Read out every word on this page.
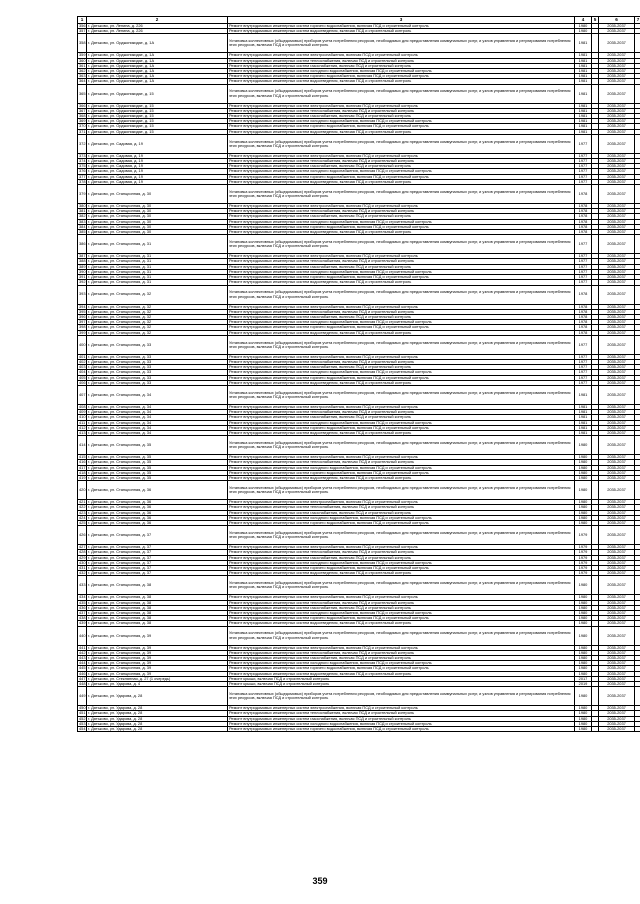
1	2	3	4	5	6	7
356	г. Дятьково, ул. Ленина, д. 226	Ремонт внутридомовых инженерных систем горячего водоснабжения, включая ПСД и строительный контроль	1980		2035-2037	
357	г. Дятьково, ул. Ленина, д. 226	Ремонт внутридомовых инженерных систем водоотведения, включая ПСД и строительный контроль	1980		2035-2037	
358	г. Дятьково, ул. Орджоникидзе, д. 1А	Установка коллективных (общедомовых) приборов учета потребления ресурсов, необходимых для предоставления коммунальных услуг, и узлов управления и регулирования потребления этих ресурсов, включая ПСД и строительный контроль	1981		2035-2037	
359	г. Дятьково, ул. Орджоникидзе, д. 1А	Ремонт внутридомовых инженерных систем электроснабжения, включая ПСД и строительный контроль	1981		2035-2037	
360	г. Дятьково, ул. Орджоникидзе, д. 1А	Ремонт внутридомовых инженерных систем теплоснабжения, включая ПСД и строительный контроль	1981		2035-2037	
361	г. Дятьково, ул. Орджоникидзе, д. 1А	Ремонт внутридомовых инженерных систем газоснабжения, включая ПСД и строительный контроль	1981		2035-2037	
362	г. Дятьково, ул. Орджоникидзе, д. 1А	Ремонт внутридомовых инженерных систем холодного водоснабжения, включая ПСД и строительный контроль	1981		2035-2037	
363	г. Дятьково, ул. Орджоникидзе, д. 1А	Ремонт внутридомовых инженерных систем горячего водоснабжения, включая ПСД и строительный контроль	1981		2035-2037	
364	г. Дятьково, ул. Орджоникидзе, д. 1А	Ремонт внутридомовых инженерных систем водоотведения, включая ПСД и строительный контроль	1981		2035-2037	
365	г. Дятьково, ул. Орджоникидзе, д. 15	Установка коллективных (общедомовых) приборов учета потребления ресурсов, необходимых для предоставления коммунальных услуг, и узлов управления и регулирования потребления этих ресурсов, включая ПСД и строительный контроль	1981		2035-2037	
366	г. Дятьково, ул. Орджоникидзе, д. 15	Ремонт внутридомовых инженерных систем электроснабжения, включая ПСД и строительный контроль	1981		2035-2037	
367	г. Дятьково, ул. Орджоникидзе, д. 15	Ремонт внутридомовых инженерных систем теплоснабжения, включая ПСД и строительный контроль	1981		2035-2037	
368	г. Дятьково, ул. Орджоникидзе, д. 15	Ремонт внутридомовых инженерных систем газоснабжения, включая ПСД и строительный контроль	1981		2035-2037	
369	г. Дятьково, ул. Орджоникидзе, д. 15	Ремонт внутридомовых инженерных систем холодного водоснабжения, включая ПСД и строительный контроль	1981		2035-2037	
370	г. Дятьково, ул. Орджоникидзе, д. 15	Ремонт внутридомовых инженерных систем горячего водоснабжения, включая ПСД и строительный контроль	1981		2035-2037	
371	г. Дятьково, ул. Орджоникидзе, д. 15	Ремонт внутридомовых инженерных систем водоотведения, включая ПСД и строительный контроль	1981		2035-2037	
372	г. Дятьково, ул. Садовая, д. 19	Установка коллективных (общедомовых) приборов учета потребления ресурсов, необходимых для предоставления коммунальных услуг, и узлов управления и регулирования потребления этих ресурсов, включая ПСД и строительный контроль	1977		2035-2037	
373	г. Дятьково, ул. Садовая, д. 19	Ремонт внутридомовых инженерных систем электроснабжения, включая ПСД и строительный контроль	1977		2035-2037	
374	г. Дятьково, ул. Садовая, д. 19	Ремонт внутридомовых инженерных систем теплоснабжения, включая ПСД и строительный контроль	1977		2035-2037	
375	г. Дятьково, ул. Садовая, д. 19	Ремонт внутридомовых инженерных систем газоснабжения, включая ПСД и строительный контроль	1977		2035-2037	
376	г. Дятьково, ул. Садовая, д. 19	Ремонт внутридомовых инженерных систем холодного водоснабжения, включая ПСД и строительный контроль	1977		2035-2037	
377	г. Дятьково, ул. Садовая, д. 19	Ремонт внутридомовых инженерных систем горячего водоснабжения, включая ПСД и строительный контроль	1977		2035-2037	
378	г. Дятьково, ул. Садовая, д. 19	Ремонт внутридомовых инженерных систем водоотведения, включая ПСД и строительный контроль	1977		2035-2037	
379	г. Дятьково, ул. Станционная, д. 30	Установка коллективных (общедомовых) приборов учета потребления ресурсов, необходимых для предоставления коммунальных услуг, и узлов управления и регулирования потребления этих ресурсов, включая ПСД и строительный контроль	1978		2035-2037	
380	г. Дятьково, ул. Станционная, д. 30	Ремонт внутридомовых инженерных систем электроснабжения, включая ПСД и строительный контроль	1978		2035-2037	
381	г. Дятьково, ул. Станционная, д. 30	Ремонт внутридомовых инженерных систем теплоснабжения, включая ПСД и строительный контроль	1978		2035-2037	
382	г. Дятьково, ул. Станционная, д. 30	Ремонт внутридомовых инженерных систем газоснабжения, включая ПСД и строительный контроль	1978		2035-2037	
383	г. Дятьково, ул. Станционная, д. 30	Ремонт внутридомовых инженерных систем холодного водоснабжения, включая ПСД и строительный контроль	1978		2035-2037	
384	г. Дятьково, ул. Станционная, д. 30	Ремонт внутридомовых инженерных систем горячего водоснабжения, включая ПСД и строительный контроль	1978		2035-2037	
385	г. Дятьково, ул. Станционная, д. 30	Ремонт внутридомовых инженерных систем водоотведения, включая ПСД и строительный контроль	1978		2035-2037	
386	г. Дятьково, ул. Станционная, д. 31	Установка коллективных (общедомовых) приборов учета потребления ресурсов, необходимых для предоставления коммунальных услуг, и узлов управления и регулирования потребления этих ресурсов, включая ПСД и строительный контроль	1977		2035-2037	
387	г. Дятьково, ул. Станционная, д. 31	Ремонт внутридомовых инженерных систем электроснабжения, включая ПСД и строительный контроль	1977		2035-2037	
388	г. Дятьково, ул. Станционная, д. 31	Ремонт внутридомовых инженерных систем теплоснабжения, включая ПСД и строительный контроль	1977		2035-2037	
389	г. Дятьково, ул. Станционная, д. 31	Ремонт внутридомовых инженерных систем газоснабжения, включая ПСД и строительный контроль	1977		2035-2037	
390	г. Дятьково, ул. Станционная, д. 31	Ремонт внутридомовых инженерных систем холодного водоснабжения, включая ПСД и строительный контроль	1977		2035-2037	
391	г. Дятьково, ул. Станционная, д. 31	Ремонт внутридомовых инженерных систем горячего водоснабжения, включая ПСД и строительный контроль	1977		2035-2037	
392	г. Дятьково, ул. Станционная, д. 31	Ремонт внутридомовых инженерных систем водоотведения, включая ПСД и строительный контроль	1977		2035-2037	
393	г. Дятьково, ул. Станционная, д. 32	Установка коллективных (общедомовых) приборов учета потребления ресурсов, необходимых для предоставления коммунальных услуг, и узлов управления и регулирования потребления этих ресурсов, включая ПСД и строительный контроль	1978		2035-2037	
394	г. Дятьково, ул. Станционная, д. 32	Ремонт внутридомовых инженерных систем электроснабжения, включая ПСД и строительный контроль	1978		2035-2037	
395	г. Дятьково, ул. Станционная, д. 32	Ремонт внутридомовых инженерных систем теплоснабжения, включая ПСД и строительный контроль	1978		2035-2037	
396	г. Дятьково, ул. Станционная, д. 32	Ремонт внутридомовых инженерных систем газоснабжения, включая ПСД и строительный контроль	1978		2035-2037	
397	г. Дятьково, ул. Станционная, д. 32	Ремонт внутридомовых инженерных систем холодного водоснабжения, включая ПСД и строительный контроль	1978		2035-2037	
398	г. Дятьково, ул. Станционная, д. 32	Ремонт внутридомовых инженерных систем горячего водоснабжения, включая ПСД и строительный контроль	1978		2035-2037	
399	г. Дятьково, ул. Станционная, д. 32	Ремонт внутридомовых инженерных систем водоотведения, включая ПСД и строительный контроль	1978		2035-2037	
400	г. Дятьково, ул. Станционная, д. 33	Установка коллективных (общедомовых) приборов учета потребления ресурсов, необходимых для предоставления коммунальных услуг, и узлов управления и регулирования потребления этих ресурсов, включая ПСД и строительный контроль	1977		2035-2037	
401	г. Дятьково, ул. Станционная, д. 33	Ремонт внутридомовых инженерных систем электроснабжения, включая ПСД и строительный контроль	1977		2035-2037	
402	г. Дятьково, ул. Станционная, д. 33	Ремонт внутридомовых инженерных систем теплоснабжения, включая ПСД и строительный контроль	1977		2035-2037	
403	г. Дятьково, ул. Станционная, д. 33	Ремонт внутридомовых инженерных систем газоснабжения, включая ПСД и строительный контроль	1977		2035-2037	
404	г. Дятьково, ул. Станционная, д. 33	Ремонт внутридомовых инженерных систем холодного водоснабжения, включая ПСД и строительный контроль	1977		2035-2037	
405	г. Дятьково, ул. Станционная, д. 33	Ремонт внутридомовых инженерных систем горячего водоснабжения, включая ПСД и строительный контроль	1977		2035-2037	
406	г. Дятьково, ул. Станционная, д. 33	Ремонт внутридомовых инженерных систем водоотведения, включая ПСД и строительный контроль	1977		2035-2037	
407	г. Дятьково, ул. Станционная, д. 34	Установка коллективных (общедомовых) приборов учета потребления ресурсов, необходимых для предоставления коммунальных услуг, и узлов управления и регулирования потребления этих ресурсов, включая ПСД и строительный контроль	1981		2035-2037	
408	г. Дятьково, ул. Станционная, д. 34	Ремонт внутридомовых инженерных систем электроснабжения, включая ПСД и строительный контроль	1981		2035-2037	
409	г. Дятьково, ул. Станционная, д. 34	Ремонт внутридомовых инженерных систем теплоснабжения, включая ПСД и строительный контроль	1981		2035-2037	
410	г. Дятьково, ул. Станционная, д. 34	Ремонт внутридомовых инженерных систем газоснабжения, включая ПСД и строительный контроль	1981		2035-2037	
411	г. Дятьково, ул. Станционная, д. 34	Ремонт внутридомовых инженерных систем холодного водоснабжения, включая ПСД и строительный контроль	1981		2035-2037	
412	г. Дятьково, ул. Станционная, д. 34	Ремонт внутридомовых инженерных систем горячего водоснабжения, включая ПСД и строительный контроль	1981		2035-2037	
413	г. Дятьково, ул. Станционная, д. 34	Ремонт внутридомовых инженерных систем водоотведения, включая ПСД и строительный контроль	1981		2035-2037	
414	г. Дятьково, ул. Станционная, д. 35	Установка коллективных (общедомовых) приборов учета потребления ресурсов, необходимых для предоставления коммунальных услуг, и узлов управления и регулирования потребления этих ресурсов, включая ПСД и строительный контроль	1980		2035-2037	
415	г. Дятьково, ул. Станционная, д. 35	Ремонт внутридомовых инженерных систем электроснабжения, включая ПСД и строительный контроль	1980		2035-2037	
416	г. Дятьково, ул. Станционная, д. 35	Ремонт внутридомовых инженерных систем теплоснабжения, включая ПСД и строительный контроль	1980		2035-2037	
417	г. Дятьково, ул. Станционная, д. 35	Ремонт внутридомовых инженерных систем холодного водоснабжения, включая ПСД и строительный контроль	1980		2035-2037	
418	г. Дятьково, ул. Станционная, д. 35	Ремонт внутридомовых инженерных систем горячего водоснабжения, включая ПСД и строительный контроль	1980		2035-2037	
419	г. Дятьково, ул. Станционная, д. 35	Ремонт внутридомовых инженерных систем водоотведения, включая ПСД и строительный контроль	1980		2035-2037	
420	г. Дятьково, ул. Станционная, д. 36	Установка коллективных (общедомовых) приборов учета потребления ресурсов, необходимых для предоставления коммунальных услуг, и узлов управления и регулирования потребления этих ресурсов, включая ПСД и строительный контроль	1980		2035-2037	
421	г. Дятьково, ул. Станционная, д. 36	Ремонт внутридомовых инженерных систем электроснабжения, включая ПСД и строительный контроль	1980		2035-2037	
422	г. Дятьково, ул. Станционная, д. 36	Ремонт внутридомовых инженерных систем теплоснабжения, включая ПСД и строительный контроль	1980		2035-2037	
423	г. Дятьково, ул. Станционная, д. 36	Ремонт внутридомовых инженерных систем газоснабжения, включая ПСД и строительный контроль	1980		2035-2037	
424	г. Дятьково, ул. Станционная, д. 36	Ремонт внутридомовых инженерных систем холодного водоснабжения, включая ПСД и строительный контроль	1980		2035-2037	
425	г. Дятьково, ул. Станционная, д. 36	Ремонт внутридомовых инженерных систем горячего водоснабжения, включая ПСД и строительный контроль	1980		2035-2037	
426	г. Дятьково, ул. Станционная, д. 37	Установка коллективных (общедомовых) приборов учета потребления ресурсов, необходимых для предоставления коммунальных услуг, и узлов управления и регулирования потребления этих ресурсов, включая ПСД и строительный контроль	1979		2035-2037	
427	г. Дятьково, ул. Станционная, д. 37	Ремонт внутридомовых инженерных систем электроснабжения, включая ПСД и строительный контроль	1979		2035-2037	
428	г. Дятьково, ул. Станционная, д. 37	Ремонт внутридомовых инженерных систем теплоснабжения, включая ПСД и строительный контроль	1979		2035-2037	
429	г. Дятьково, ул. Станционная, д. 37	Ремонт внутридомовых инженерных систем газоснабжения, включая ПСД и строительный контроль	1979		2035-2037	
430	г. Дятьково, ул. Станционная, д. 37	Ремонт внутридомовых инженерных систем холодного водоснабжения, включая ПСД и строительный контроль	1979		2035-2037	
431	г. Дятьково, ул. Станционная, д. 37	Ремонт внутридомовых инженерных систем горячего водоснабжения, включая ПСД и строительный контроль	1979		2035-2037	
432	г. Дятьково, ул. Станционная, д. 37	Ремонт внутридомовых инженерных систем водоотведения, включая ПСД и строительный контроль	1979		2035-2037	
433	г. Дятьково, ул. Станционная, д. 38	Установка коллективных (общедомовых) приборов учета потребления ресурсов, необходимых для предоставления коммунальных услуг, и узлов управления и регулирования потребления этих ресурсов, включая ПСД и строительный контроль	1980		2035-2037	
434	г. Дятьково, ул. Станционная, д. 38	Ремонт внутридомовых инженерных систем электроснабжения, включая ПСД и строительный контроль	1980		2035-2037	
435	г. Дятьково, ул. Станционная, д. 38	Ремонт внутридомовых инженерных систем теплоснабжения, включая ПСД и строительный контроль	1980		2035-2037	
436	г. Дятьково, ул. Станционная, д. 38	Ремонт внутридомовых инженерных систем газоснабжения, включая ПСД и строительный контроль	1980		2035-2037	
437	г. Дятьково, ул. Станционная, д. 38	Ремонт внутридомовых инженерных систем холодного водоснабжения, включая ПСД и строительный контроль	1980		2035-2037	
438	г. Дятьково, ул. Станционная, д. 38	Ремонт внутридомовых инженерных систем горячего водоснабжения, включая ПСД и строительный контроль	1980		2035-2037	
439	г. Дятьково, ул. Станционная, д. 38	Ремонт внутридомовых инженерных систем водоотведения, включая ПСД и строительный контроль	1980		2035-2037	
440	г. Дятьково, ул. Станционная, д. 39	Установка коллективных (общедомовых) приборов учета потребления ресурсов, необходимых для предоставления коммунальных услуг, и узлов управления и регулирования потребления этих ресурсов, включая ПСД и строительный контроль	1980		2035-2037	
441	г. Дятьково, ул. Станционная, д. 39	Ремонт внутридомовых инженерных систем электроснабжения, включая ПСД и строительный контроль	1980		2035-2037	
442	г. Дятьково, ул. Станционная, д. 39	Ремонт внутридомовых инженерных систем теплоснабжения, включая ПСД и строительный контроль	1980		2035-2037	
443	г. Дятьково, ул. Станционная, д. 39	Ремонт внутридомовых инженерных систем газоснабжения, включая ПСД и строительный контроль	1980		2035-2037	
444	г. Дятьково, ул. Станционная, д. 39	Ремонт внутридомовых инженерных систем холодного водоснабжения, включая ПСД и строительный контроль	1980		2035-2037	
445	г. Дятьково, ул. Станционная, д. 39	Ремонт внутридомовых инженерных систем горячего водоснабжения, включая ПСД и строительный контроль	1980		2035-2037	
446	г. Дятьково, ул. Станционная, д. 39	Ремонт внутридомовых инженерных систем водоотведения, включая ПСД и строительный контроль	1980		2035-2037	
447	г. Дятьково, ул. Стеклянная, д. 27 (1 очередь)	Ремонт крыши, включая ПСД и строительный контроль	2017		2035-2037	
448	г. Дятьково, ул. Ударова, д. 4	Ремонт крыши, включая ПСД и строительный контроль	2019		2035-2037	
449	г. Дятьково, ул. Ударова, д. 28	Установка коллективных (общедомовых) приборов учета потребления ресурсов, необходимых для предоставления коммунальных услуг, и узлов управления и регулирования потребления этих ресурсов, включая ПСД и строительный контроль	1980		2035-2037	
450	г. Дятьково, ул. Ударова, д. 28	Ремонт внутридомовых инженерных систем электроснабжения, включая ПСД и строительный контроль	1980		2035-2037	
451	г. Дятьково, ул. Ударова, д. 28	Ремонт внутридомовых инженерных систем теплоснабжения, включая ПСД и строительный контроль	1980		2035-2037	
452	г. Дятьково, ул. Ударова, д. 28	Ремонт внутридомовых инженерных систем газоснабжения, включая ПСД и строительный контроль	1980		2035-2037	
453	г. Дятьково, ул. Ударова, д. 28	Ремонт внутридомовых инженерных систем холодного водоснабжения, включая ПСД и строительный контроль	1980		2035-2037	
454	г. Дятьково, ул. Ударова, д. 28	Ремонт внутридомовых инженерных систем горячего водоснабжения, включая ПСД и строительный контроль	1980		2035-2037	
359
